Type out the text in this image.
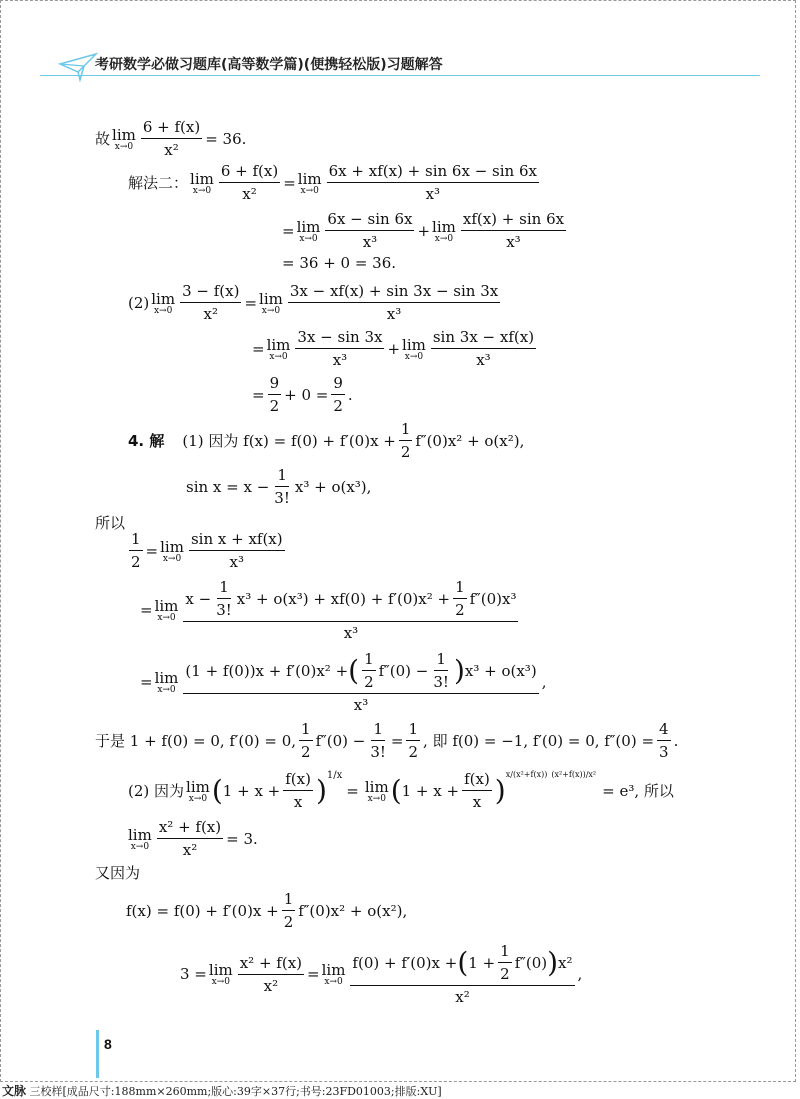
考研数学必做习题库(高等数学篇)(便携轻松版)习题解答
故 lim
$x\to 0 \frac{6 + f(x)}{\text{x²}} = 36$.
解法二： lim
$x\to 0 \frac{6 + f(x)}{\text{x²}} = \lim$
$x\to 0 \frac{6x + xf(x) + \sin 6x - \sin 6x}{\text{x³}}$
= lim
$x\to 0 \frac{6x - \sin 6x}{\text{x³}} + \lim$
$x\to 0 \frac{xf(x) + \sin 6x}{\text{x³}}$
= 36 + 0 = 36.
(2) lim
$x\to 0 \frac{3 - f(x)}{\text{x²}} = \lim$
$x\to 0 \frac{3x - xf(x) + \sin 3x - \sin 3x}{\text{x³}}$
= lim
$x\to 0 \frac{3x - \sin 3x}{\text{x³}} + \lim$
$x\to 0 \frac{\sin 3x - xf(x)}{\text{x³}}$
= $\frac{9}{2} + 0 = \frac{9}{2}$ .
4. 解 (1) 因为 $f(x) = f(0) + f'(0)x + \frac{1}{2} f''(0)x^2 + o(x^2)$,
$\sin x = x - \frac{1}{3!} x^3 + o(x^3)$,
所以
$\frac{1}{2} = \lim$
$x\to 0 \frac{\text{sin x + xf(x)}}{\text{x³}}$
= lim
x→0
$x - \frac{1}{3!} x^3 + o(x^3) + xf(0) + f'(0)x^2 + \frac{1}{2} f''(0)x^3$
x³
= lim
x→0
(1 + f(0))x + f′(0)x² + ( $\frac{1}{2} f''(0) - \frac{1}{3!}$ ) x³ + o(x³)
x³
,
于是 1 + f(0) = 0, f′(0) = 0, $\frac{1}{2} f''(0) - \frac{1}{3!} = \frac{1}{2}$ , 即 f(0) = −1, f′(0) = 0, $f''(0) = \frac{4}{3}$ .
(2) 因为 lim
x→0 ( $1 + x + \frac{f(x)}{x}$ ) 1/x
= lim
x→0 ( $1 + x + \frac{f(x)}{x}$ ) x/(x²+f(x)) (x²+f(x))/x²
= e³, 所以
lim
$x\to 0 \frac{\text{x² + f(x)}}{\text{x²}} = 3$.
又因为
$f(x) = f(0) + f'(0)x + \frac{1}{2} f''(0)x^2 + o(x^2)$,
3 = lim
$x\to 0 \frac{\text{x² + f(x)}}{\text{x²}} = \lim$
x→0
f(0) + f′(0)x + ( $1 + \frac{1}{2} f''(0)$ ) x²
x²
,
8
文脉 三校样[成品尺寸:188mm×260mm;版心:39字×37行;书号:23FD01003;排版:XU]
